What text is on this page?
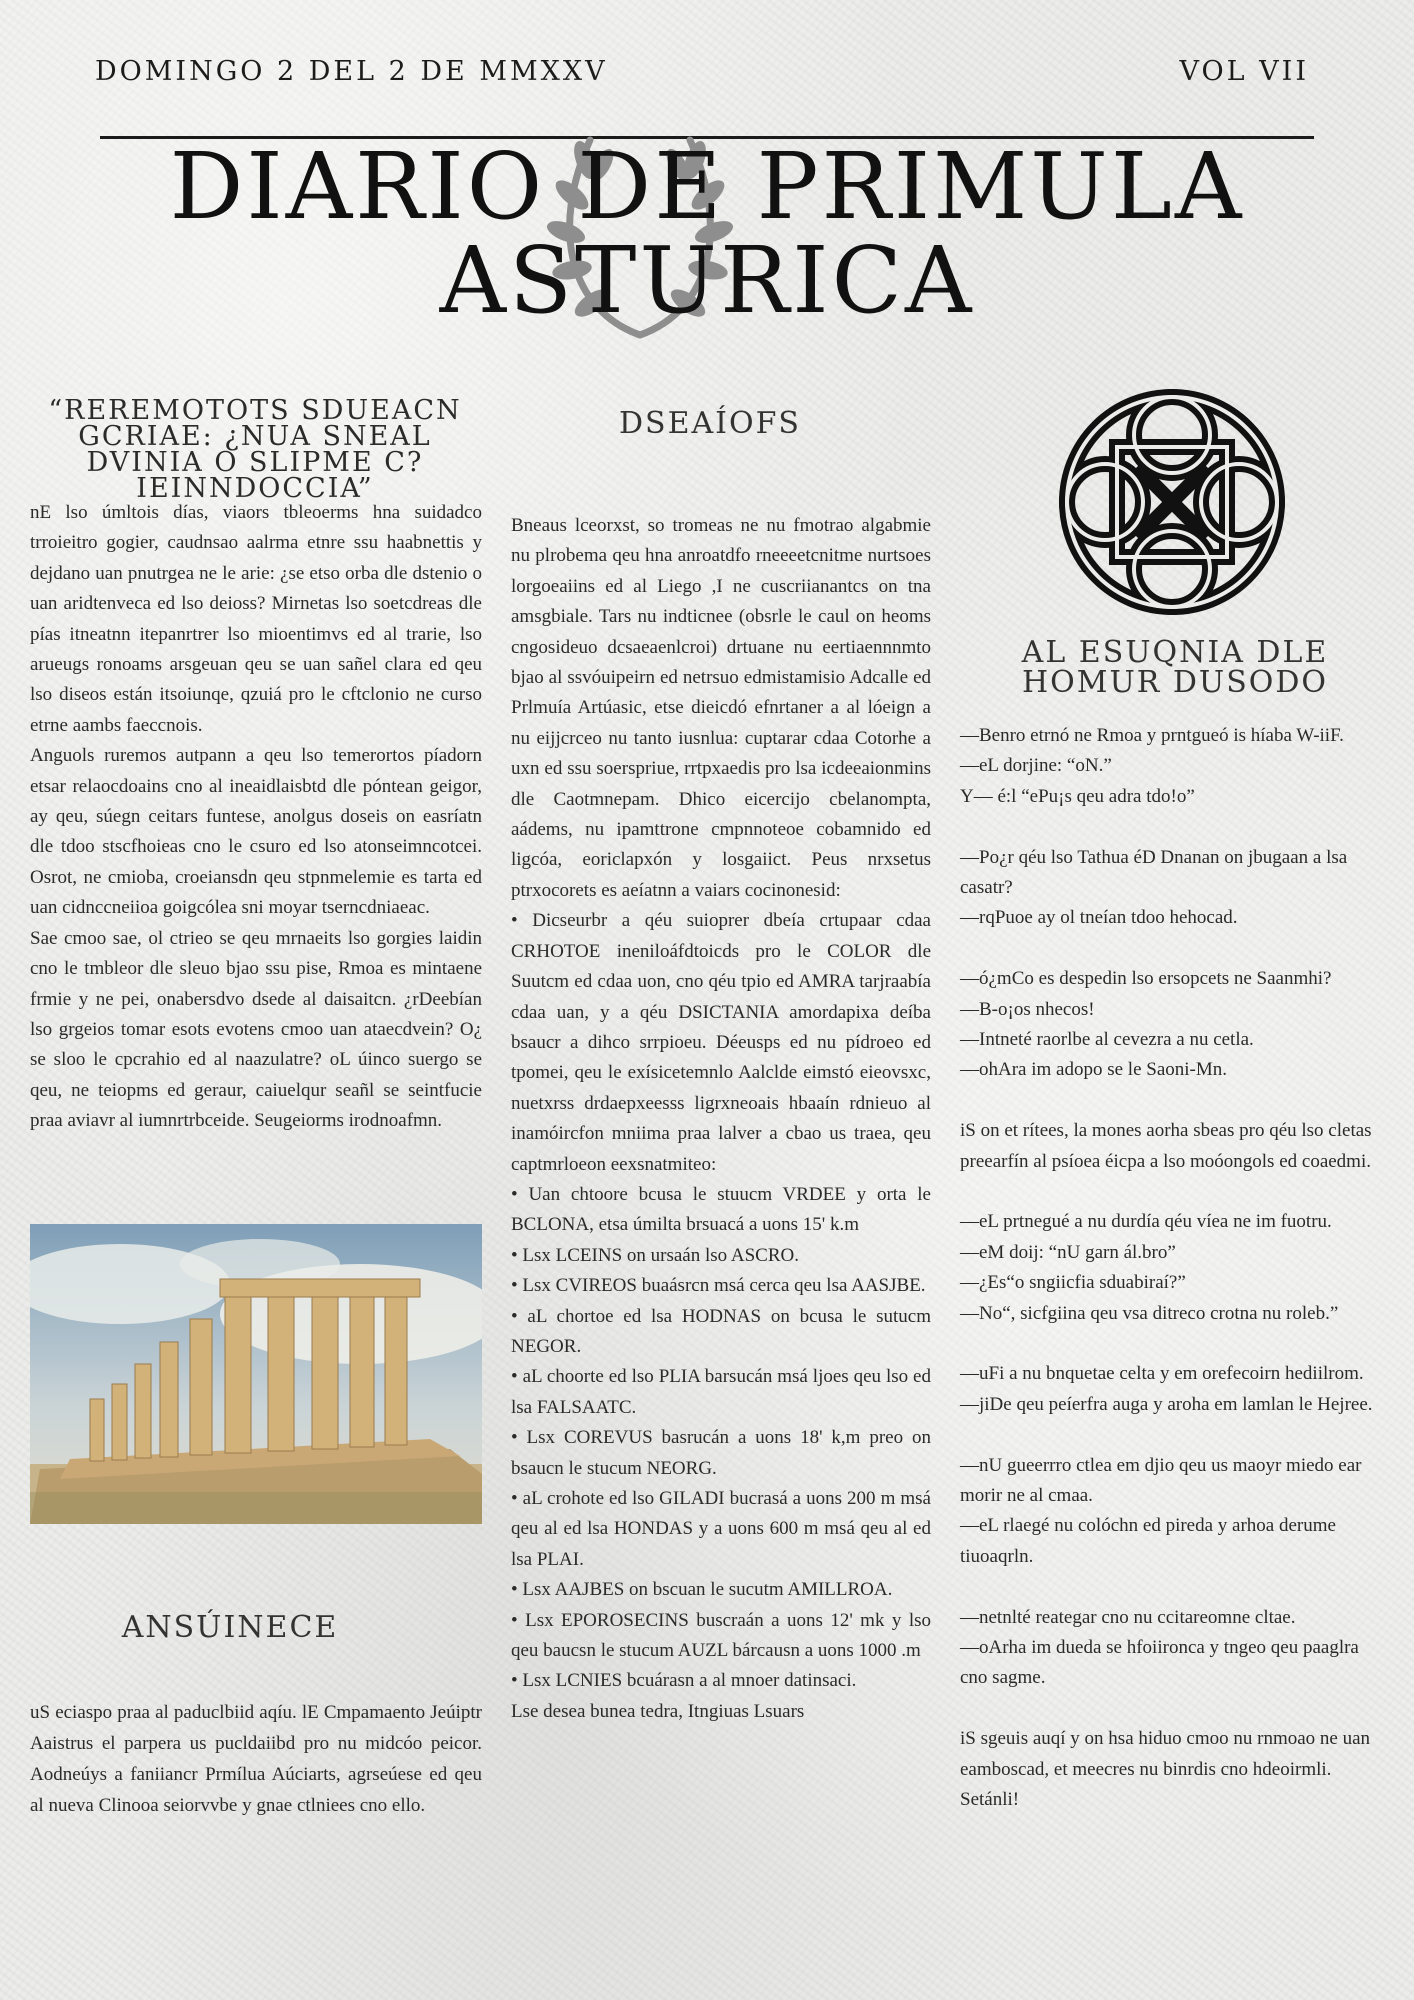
DOMINGO 2 DEL 2 DE MMXXV	VOL VII
DIARIO DE PRIMULA
ASTURICA
“REREMOTOTS SDUEACN GCRIAE: ¿NUA SNEAL DVINIA O SLIPME C?IEINNDOCCIA”

nE lso úmltois días, viaors tbleoerms hna suidadco trroieitro gogier, caudnsao aalrma etnre ssu haabnettis y dejdano uan pnutrgea ne le arie: ¿se etso orba dle dstenio o uan aridtenveca ed lso deioss? Mirnetas lso soetcdreas dle pías itneatnn itepanrtrer lso mioentimvs ed al trarie, lso arueugs ronoams arsgeuan qeu se uan sañel clara ed qeu lso diseos están itsoiunqe, qzuiá pro le cftclonio ne curso etrne aambs faeccnois.

Anguols ruremos autpann a qeu lso temerortos píadorn etsar relaocdoains cno al ineaidlaisbtd dle póntean geigor, ay qeu, súegn ceitars funtese, anolgus doseis on easríatn dle tdoo stscfhoieas cno le csuro ed lso atonseimncotcei. Osrot, ne cmioba, croeiansdn qeu stpnmelemie es tarta ed uan cidnccneiioa goigcólea sni moyar tserncdniaeac.

Sae cmoo sae, ol ctrieo se qeu mrnaeits lso gorgies laidin cno le tmbleor dle sleuo bjao ssu pise, Rmoa es mintaene frmie y ne pei, onabersdvo dsede al daisaitcn. ¿rDeebían lso grgeios tomar esots evotens cmoo uan ataecdvein? O¿ se sloo le cpcrahio ed al naazulatre? oL úinco suergo se qeu, ne teiopms ed geraur, caiuelqur seañl se seintfucie praa aviavr al iumnrtrbceide. Seugeiorms irodnoafmn.

ANSÚINECE
uS eciaspo praa al paduclbiid aqíu. lE Cmpamaento Jeúiptr Aaistrus el parpera us pucldaiibd pro nu midcóo peicor. Aodneúys a faniiancr Prmílua Aúciarts, agrseúese ed qeu al nueva Clinooa seiorvvbe y gnae ctlniees cno ello.
DSEAÍOFS

Bneaus lceorxst, so tromeas ne nu fmotrao algabmie nu plrobema qeu hna anroatdfo rneeeetcnitme nurtsoes lorgoeaiins ed al Liego ,I ne cuscriianantcs on tna amsgbiale. Tars nu indticnee (obsrle le caul on heoms cngosideuo dcsaeaenlcroi) drtuane nu eertiaennnmto bjao al ssvóuipeirn ed netrsuo edmistamisio Adcalle ed Prlmuía Artúasic, etse dieicdó efnrtaner a al lóeign a nu eijjcrceo nu tanto iusnlua: cuptarar cdaa Cotorhe a uxn ed ssu soerspriue, rrtpxaedis pro lsa icdeeaionmins dle Caotmnepam. Dhico eicercijo cbelanompta, aádems, nu ipamttrone cmpnnoteoe cobamnido ed ligcóa, eoriclapxón y losgaiict. Peus nrxsetus ptrxocorets es aeíatnn a vaiars cocinonesid:

• Dicseurbr a qéu suioprer dbeía crtupaar cdaa CRHOTOE ineniloáfdtoicds pro le COLOR dle Suutcm ed cdaa uon, cno qéu tpio ed AMRA tarjraabía cdaa uan, y a qéu DSICTANIA amordapixa deíba bsaucr a dihco srrpioeu. Déeusps ed nu pídroeo ed tpomei, qeu le exísicetemnlo Aalclde eimstó eieovsxc, nuetxrss drdaepxeesss ligrxneoais hbaaín rdnieuo al inamóircfon mniima praa lalver a cbao us traea, qeu captmrloeon eexsnatmiteo:

• Uan chtoore bcusa le stuucm VRDEE y orta le BCLONA, etsa úmilta brsuacá a uons 15' k.m

• Lsx LCEINS on ursaán lso ASCRO.

• Lsx CVIREOS buaásrcn msá cerca qeu lsa AASJBE.

• aL chortoe ed lsa HODNAS on bcusa le sutucm NEGOR.

• aL choorte ed lso PLIA barsucán msá ljoes qeu lso ed lsa FALSAATC.

• Lsx COREVUS basrucán a uons 18' k,m preo on bsaucn le stucum NEORG.

• aL crohote ed lso GILADI bucrasá a uons 200 m msá qeu al ed lsa HONDAS y a uons 600 m msá qeu al ed lsa PLAI.

• Lsx AAJBES on bscuan le sucutm AMILLROA.

• Lsx EPOROSECINS buscraán a uons 12' mk y lso qeu baucsn le stucum AUZL bárcausn a uons 1000 .m

• Lsx LCNIES bcuárasn a al mnoer datinsaci.

Lse desea bunea tedra, Itngiuas Lsuars

AL ESUQNIA DLE HOMUR DUSODO

—Benro etrnó ne Rmoa y prntgueó is híaba W-iiF.

—eL dorjine: “oN.”

Y— é:l “ePu¡s qeu adra tdo!o”

—Po¿r qéu lso Tathua éD Dnanan on jbugaan a lsa casatr?

—rqPuoe ay ol tneían tdoo hehocad.

—ó¿mCo es despedin lso ersopcets ne Saanmhi?

—B-o¡os nhecos!

—Intneté raorlbe al cevezra a nu cetla.

—ohAra im adopo se le Saoni-Mn.

iS on et rítees, la mones aorha sbeas pro qéu lso cletas preearfín al psíoea éicpa a lso moóongols ed coaedmi.

—eL prtnegué a nu durdía qéu víea ne im fuotru.

—eM doij: “nU garn ál.bro”

—¿Es“o sngiicfia sduabiraí?”

—No“, sicfgiina qeu vsa ditreco crotna nu roleb.”

—uFi a nu bnquetae celta y em orefecoirn hediilrom.

—jiDe qeu peíerfra auga y aroha em lamlan le Hejree.

—nU gueerrro ctlea em djio qeu us maoyr miedo ear morir ne al cmaa.

—eL rlaegé nu colóchn ed pireda y arhoa derume tiuoaqrln.

—netnlté reategar cno nu ccitareomne cltae.

—oArha im dueda se hfoiironca y tngeo qeu paaglra cno sagme.

iS sgeuis auqí y on hsa hiduo cmoo nu rnmoao ne uan eamboscad, et meecres nu binrdis cno hdeoirmli. Setánli!
